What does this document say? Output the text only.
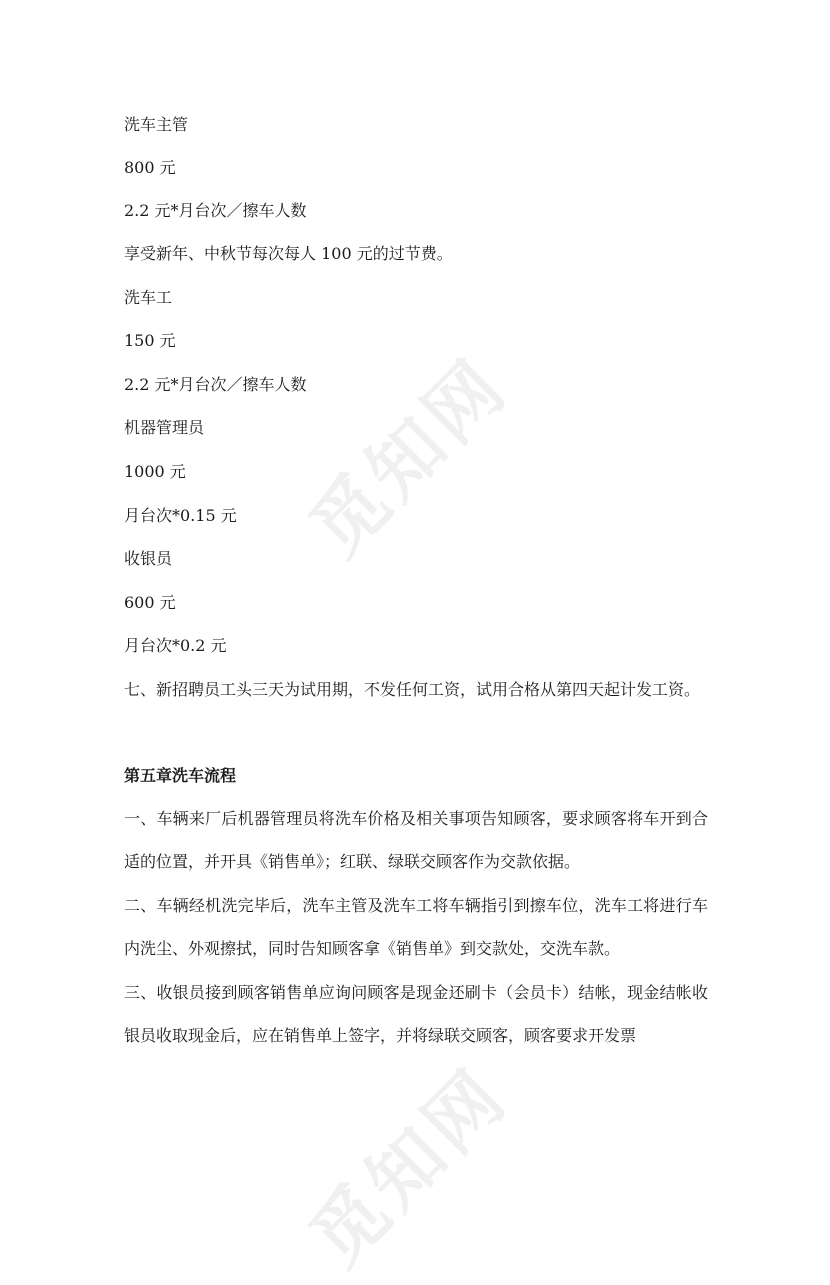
觅知网
觅知网

洗车主管

800 元

2.2 元*月台次／擦车人数

享受新年、中秋节每次每人 100 元的过节费。

洗车工

150 元

2.2 元*月台次／擦车人数

机器管理员

1000 元

月台次*0.15 元

收银员

600 元

月台次*0.2 元

七、新招聘员工头三天为试用期，不发任何工资，试用合格从第四天起计发工资。

第五章洗车流程

一、车辆来厂后机器管理员将洗车价格及相关事项告知顾客，要求顾客将车开到合适的位置，并开具《销售单》；红联、绿联交顾客作为交款依据。

二、车辆经机洗完毕后，洗车主管及洗车工将车辆指引到擦车位，洗车工将进行车内洗尘、外观擦拭，同时告知顾客拿《销售单》到交款处，交洗车款。

三、收银员接到顾客销售单应询问顾客是现金还刷卡（会员卡）结帐，现金结帐收银员收取现金后，应在销售单上签字，并将绿联交顾客，顾客要求开发票
